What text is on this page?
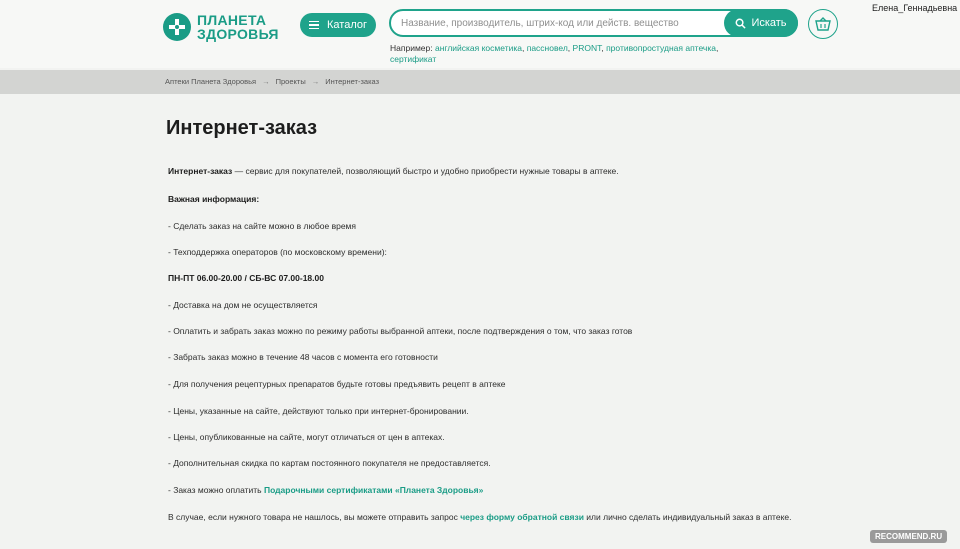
ПЛАНЕТА
ЗДОРОВЬЯ
Каталог
Название, производитель, штрих-код или действ. вещество	Искать
Например: английская косметика, пассновел, PRONT, противопростудная аптечка, сертификат
Елена_Геннадьевна
Аптеки Планета Здоровья → Проекты → Интернет-заказ
Интернет-заказ
Интернет-заказ — сервис для покупателей, позволяющий быстро и удобно приобрести нужные товары в аптеке.
Важная информация:
- Сделать заказ на сайте можно в любое время
- Техподдержка операторов (по московскому времени):
ПН-ПТ 06.00-20.00 / СБ-ВС 07.00-18.00
- Доставка на дом не осуществляется
- Оплатить и забрать заказ можно по режиму работы выбранной аптеки, после подтверждения о том, что заказ готов
- Забрать заказ можно в течение 48 часов с момента его готовности
- Для получения рецептурных препаратов будьте готовы предъявить рецепт в аптеке
- Цены, указанные на сайте, действуют только при интернет-бронировании.
- Цены, опубликованные на сайте, могут отличаться от цен в аптеках.
- Дополнительная скидка по картам постоянного покупателя не предоставляется.
- Заказ можно оплатить Подарочными сертификатами «Планета Здоровья»
В случае, если нужного товара не нашлось, вы можете отправить запрос через форму обратной связи или лично сделать индивидуальный заказ в аптеке.
RECOMMEND.RU
